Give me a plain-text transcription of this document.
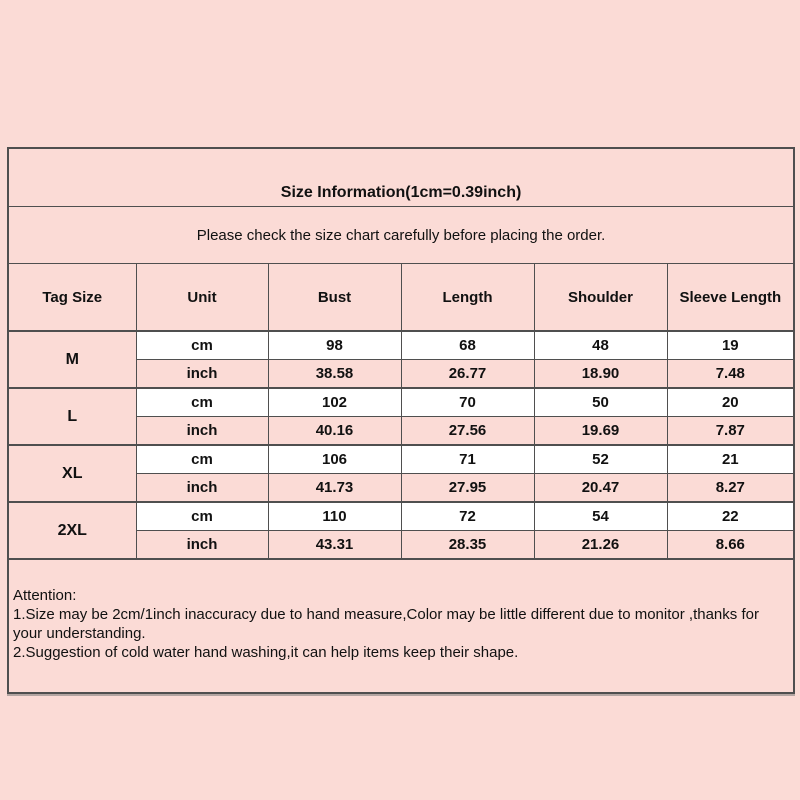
Size Information(1cm=0.39inch)					
Please check the size chart carefully before placing the order.					
Tag Size	Unit	Bust	Length	Shoulder	Sleeve Length
M	cm	98	68	48	19
	inch	38.58	26.77	18.90	7.48
L	cm	102	70	50	20
	inch	40.16	27.56	19.69	7.87
XL	cm	106	71	52	21
	inch	41.73	27.95	20.47	8.27
2XL	cm	110	72	54	22
	inch	43.31	28.35	21.26	8.66

Attention:
1.Size may be 2cm/1inch inaccuracy due to hand measure,Color may be little different due to monitor ,thanks for your understanding.
2.Suggestion of cold water hand washing,it can help items keep their shape.					
